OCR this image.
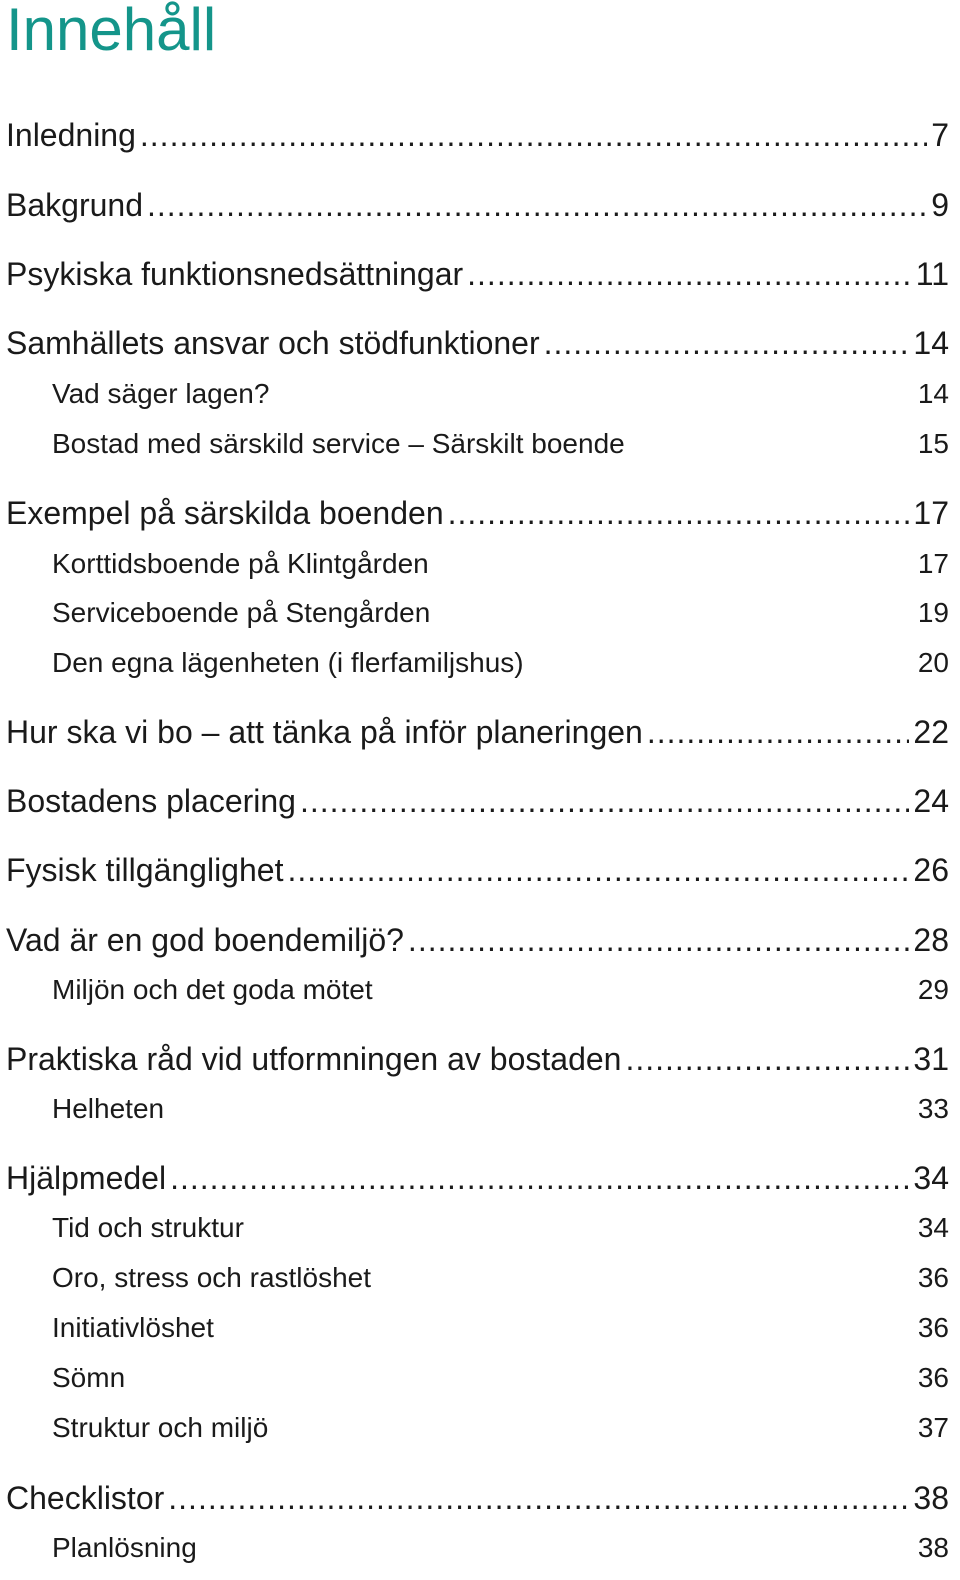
Innehåll
Inledning .....	7
Bakgrund .....	9
Psykiska funktionsnedsättningar .....	11
Samhällets ansvar och stödfunktioner .....	14
Vad säger lagen?	14
Bostad med särskild service – Särskilt boende	15
Exempel på särskilda boenden .....	17
Korttidsboende på Klintgården	17
Serviceboende på Stengården	19
Den egna lägenheten (i flerfamiljshus)	20
Hur ska vi bo – att tänka på inför planeringen .....	22
Bostadens placering .....	24
Fysisk tillgänglighet .....	26
Vad är en god boendemiljö? .....	28
Miljön och det goda mötet	29
Praktiska råd vid utformningen av bostaden .....	31
Helheten	33
Hjälpmedel .....	34
Tid och struktur	34
Oro, stress och rastlöshet	36
Initiativlöshet	36
Sömn	36
Struktur och miljö	37
Checklistor .....	38
Planlösning	38
